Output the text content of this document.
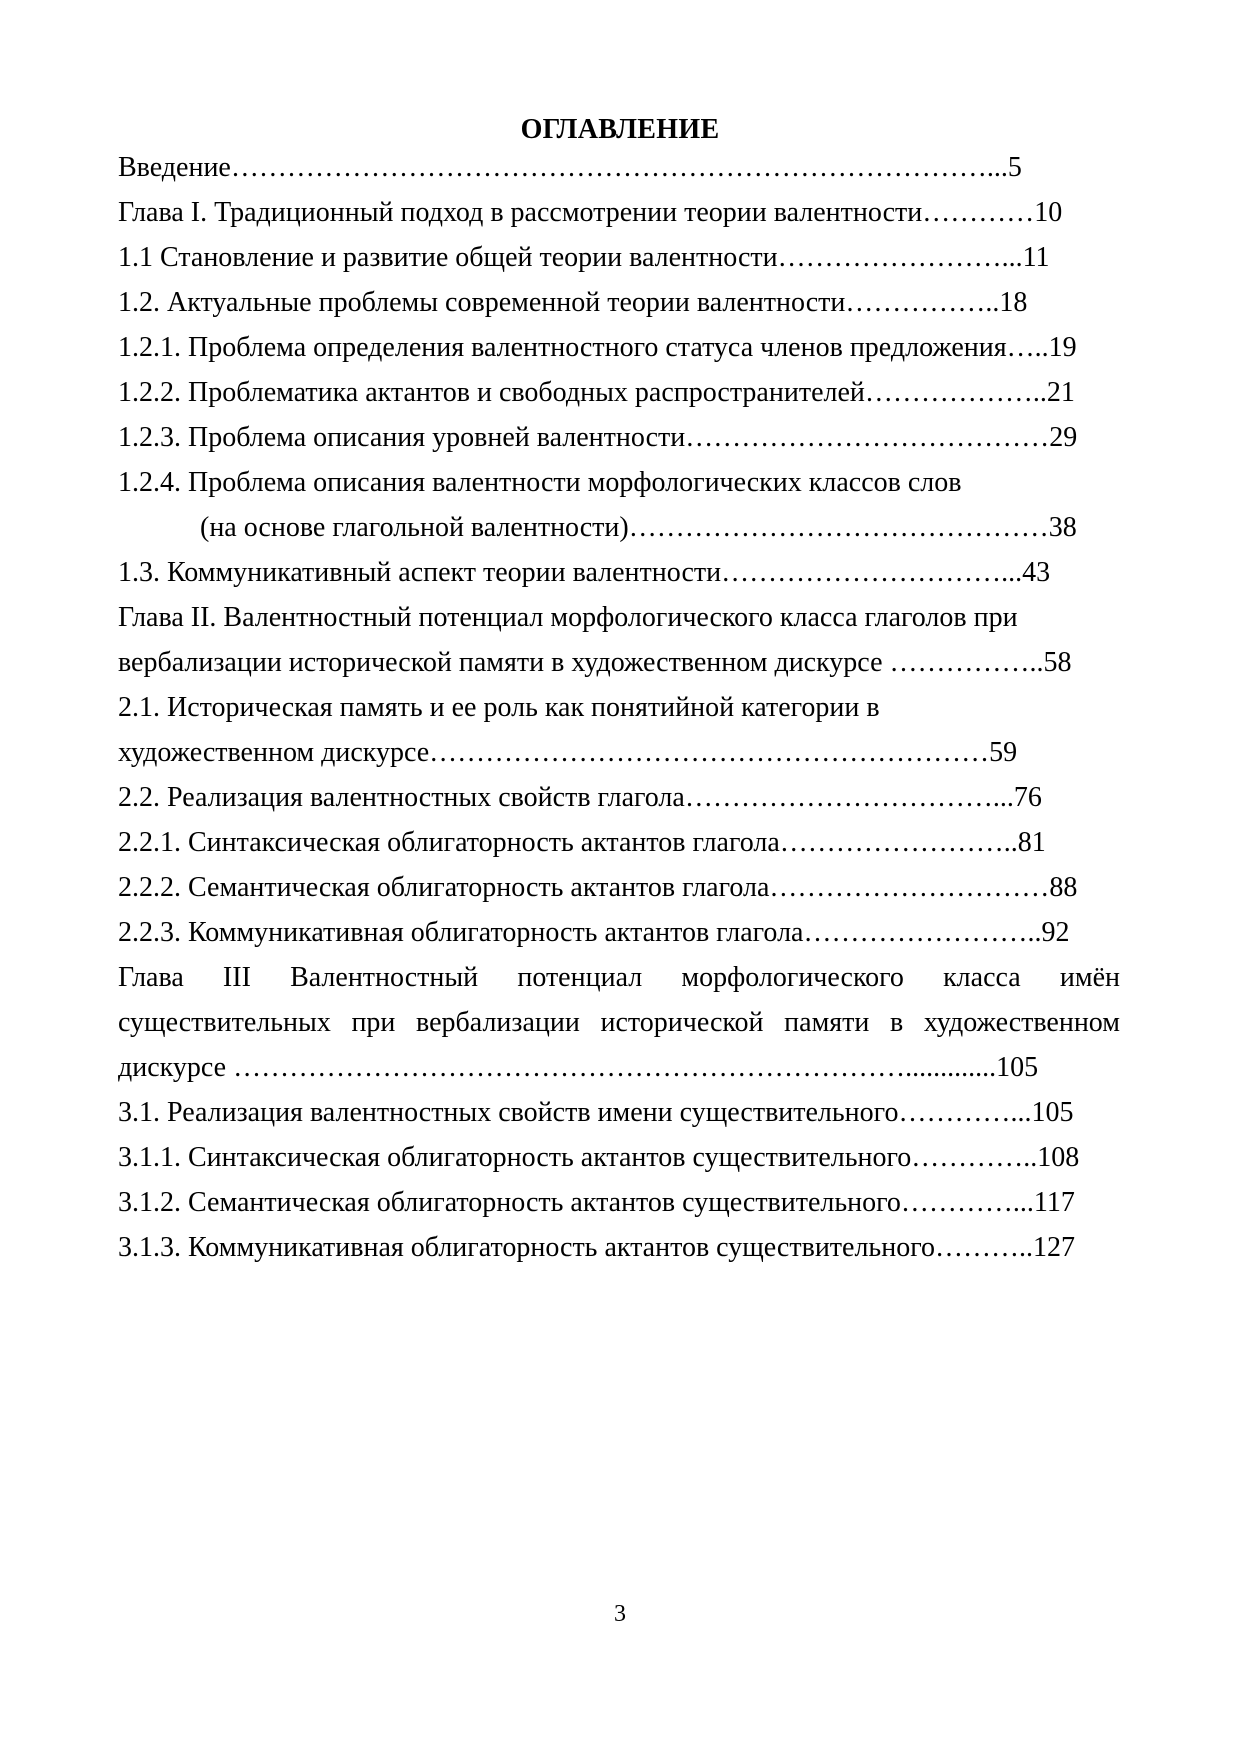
ОГЛАВЛЕНИЕ
Введение………………………………………………………………………...5
Глава I. Традиционный подход в рассмотрении теории валентности…………10
1.1 Становление и развитие общей теории валентности……………………...11
1.2. Актуальные проблемы современной теории валентности……………..18
1.2.1. Проблема определения валентностного статуса членов предложения…..19
1.2.2. Проблематика актантов и свободных распространителей………………..21
1.2.3. Проблема описания уровней валентности…………………………………29
1.2.4. Проблема описания валентности морфологических классов слов
(на основе глагольной валентности)………………………………………38
1.3. Коммуникативный аспект теории валентности…………………………...43
Глава II. Валентностный потенциал морфологического класса глаголов при
вербализации исторической памяти в художественном дискурсе ……………..58
2.1. Историческая память и ее роль как понятийной категории в
художественном дискурсе……………………………………………………59
2.2. Реализация валентностных свойств глагола……………………………...76
2.2.1. Синтаксическая облигаторность актантов глагола……………………..81
2.2.2. Семантическая облигаторность актантов глагола…………………………88
2.2.3. Коммуникативная облигаторность актантов глагола……………………..92
Глава III Валентностный потенциал морфологического класса имён
существительных при вербализации исторической памяти в художественном
дискурсе ……………………………………………………………….............105
3.1. Реализация валентностных свойств имени существительного…………...105
3.1.1. Синтаксическая облигаторность актантов существительного…………..108
3.1.2. Семантическая облигаторность актантов существительного…………...117
3.1.3. Коммуникативная облигаторность актантов существительного………..127
3
